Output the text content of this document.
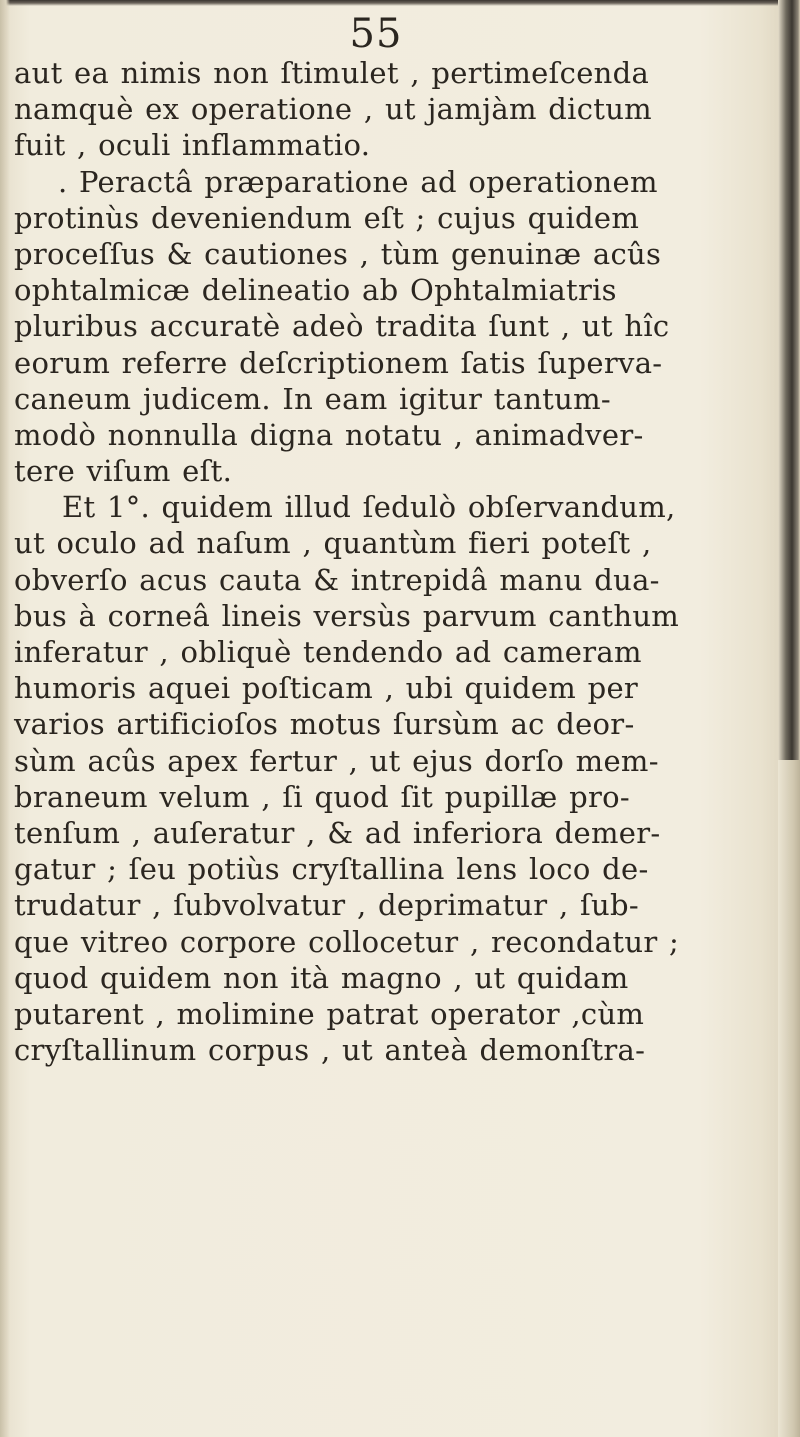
55
aut ea nimis non ſtimulet , pertimeſcenda
namquè ex operatione , ut jamjàm dictum
fuit , oculi inflammatio.
. Peractâ præparatione ad operationem
protinùs deveniendum eſt ; cujus quidem
proceſſus & cautiones , tùm genuinæ acûs
ophtalmicæ delineatio ab Ophtalmiatris
pluribus accuratè adeò tradita ſunt , ut hîc
eorum referre deſcriptionem ſatis ſuperva-
caneum judicem. In eam igitur tantum-
modò nonnulla digna notatu , animadver-
tere viſum eſt.
Et 1°. quidem illud ſedulò obſervandum,
ut oculo ad naſum , quantùm fieri poteſt ,
obverſo acus cauta & intrepidâ manu dua-
bus à corneâ lineis versùs parvum canthum
inferatur , obliquè tendendo ad cameram
humoris aquei poſticam , ubi quidem per
varios artificioſos motus ſursùm ac deor-
sùm acûs apex fertur , ut ejus dorſo mem-
braneum velum , ſi quod ſit pupillæ pro-
tenſum , auſeratur , & ad inferiora demer-
gatur ; ſeu potiùs cryſtallina lens loco de-
trudatur , ſubvolvatur , deprimatur , ſub-
que vitreo corpore collocetur , recondatur ;
quod quidem non ità magno , ut quidam
putarent , molimine patrat operator ,cùm
cryſtallinum corpus , ut anteà demonſtra-
